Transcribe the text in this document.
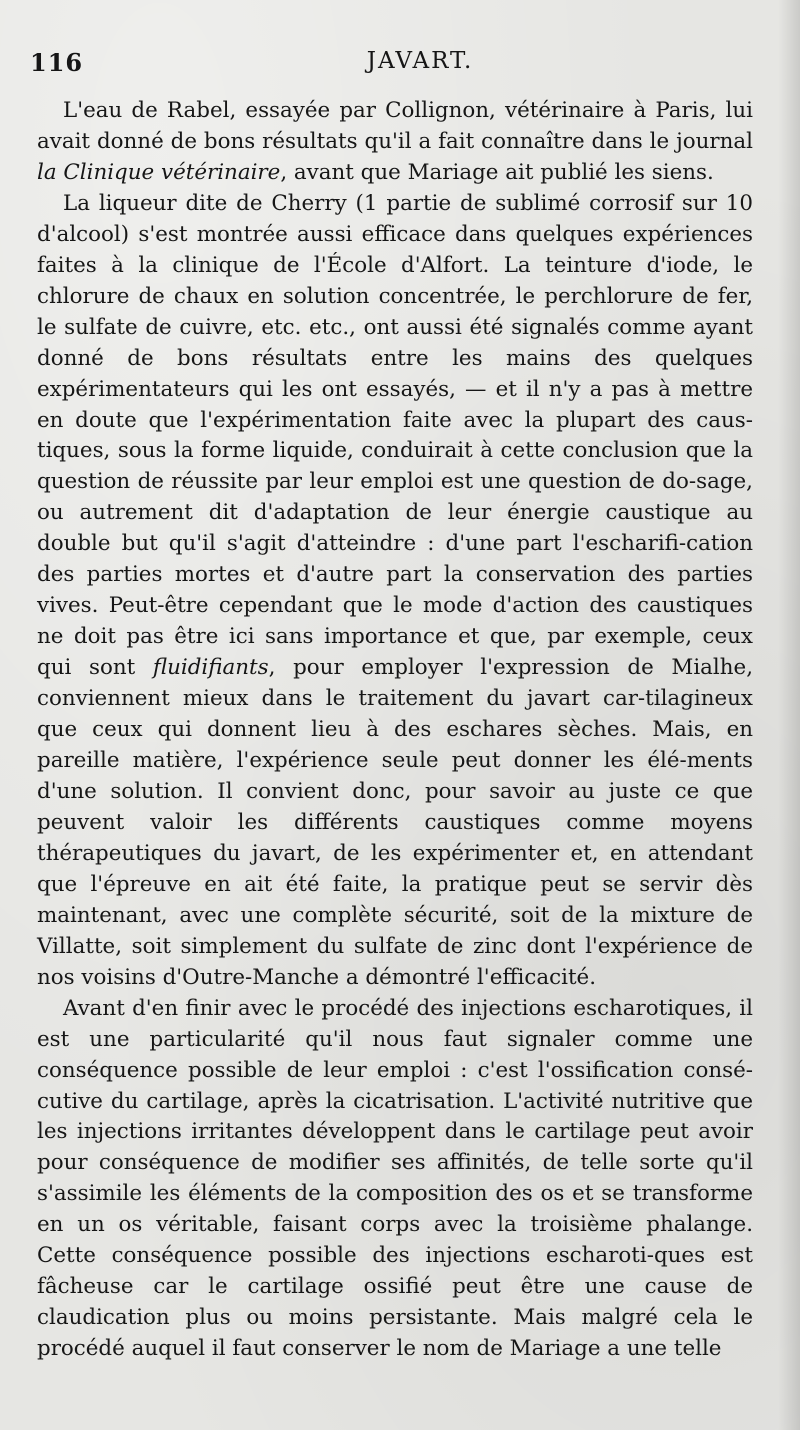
116	JAVART.

L'eau de Rabel, essayée par Collignon, vétérinaire à Paris, lui avait donné de bons résultats qu'il a fait connaître dans le journal la Clinique vétérinaire, avant que Mariage ait publié les siens.

La liqueur dite de Cherry (1 partie de sublimé corrosif sur 10 d'alcool) s'est montrée aussi efficace dans quelques expériences faites à la clinique de l'École d'Alfort. La teinture d'iode, le chlorure de chaux en solution concentrée, le perchlorure de fer, le sulfate de cuivre, etc. etc., ont aussi été signalés comme ayant donné de bons résultats entre les mains des quelques expérimentateurs qui les ont essayés, — et il n'y a pas à mettre en doute que l'expérimentation faite avec la plupart des caus-tiques, sous la forme liquide, conduirait à cette conclusion que la question de réussite par leur emploi est une question de do-sage, ou autrement dit d'adaptation de leur énergie caustique au double but qu'il s'agit d'atteindre : d'une part l'escharifi-cation des parties mortes et d'autre part la conservation des parties vives. Peut-être cependant que le mode d'action des caustiques ne doit pas être ici sans importance et que, par exemple, ceux qui sont fluidifiants, pour employer l'expression de Mialhe, conviennent mieux dans le traitement du javart car-tilagineux que ceux qui donnent lieu à des eschares sèches. Mais, en pareille matière, l'expérience seule peut donner les élé-ments d'une solution. Il convient donc, pour savoir au juste ce que peuvent valoir les différents caustiques comme moyens thérapeutiques du javart, de les expérimenter et, en attendant que l'épreuve en ait été faite, la pratique peut se servir dès maintenant, avec une complète sécurité, soit de la mixture de Villatte, soit simplement du sulfate de zinc dont l'expérience de nos voisins d'Outre-Manche a démontré l'efficacité.

Avant d'en finir avec le procédé des injections escharotiques, il est une particularité qu'il nous faut signaler comme une conséquence possible de leur emploi : c'est l'ossification consé-cutive du cartilage, après la cicatrisation. L'activité nutritive que les injections irritantes développent dans le cartilage peut avoir pour conséquence de modifier ses affinités, de telle sorte qu'il s'assimile les éléments de la composition des os et se transforme en un os véritable, faisant corps avec la troisième phalange. Cette conséquence possible des injections escharoti-ques est fâcheuse car le cartilage ossifié peut être une cause de claudication plus ou moins persistante. Mais malgré cela le procédé auquel il faut conserver le nom de Mariage a une telle
